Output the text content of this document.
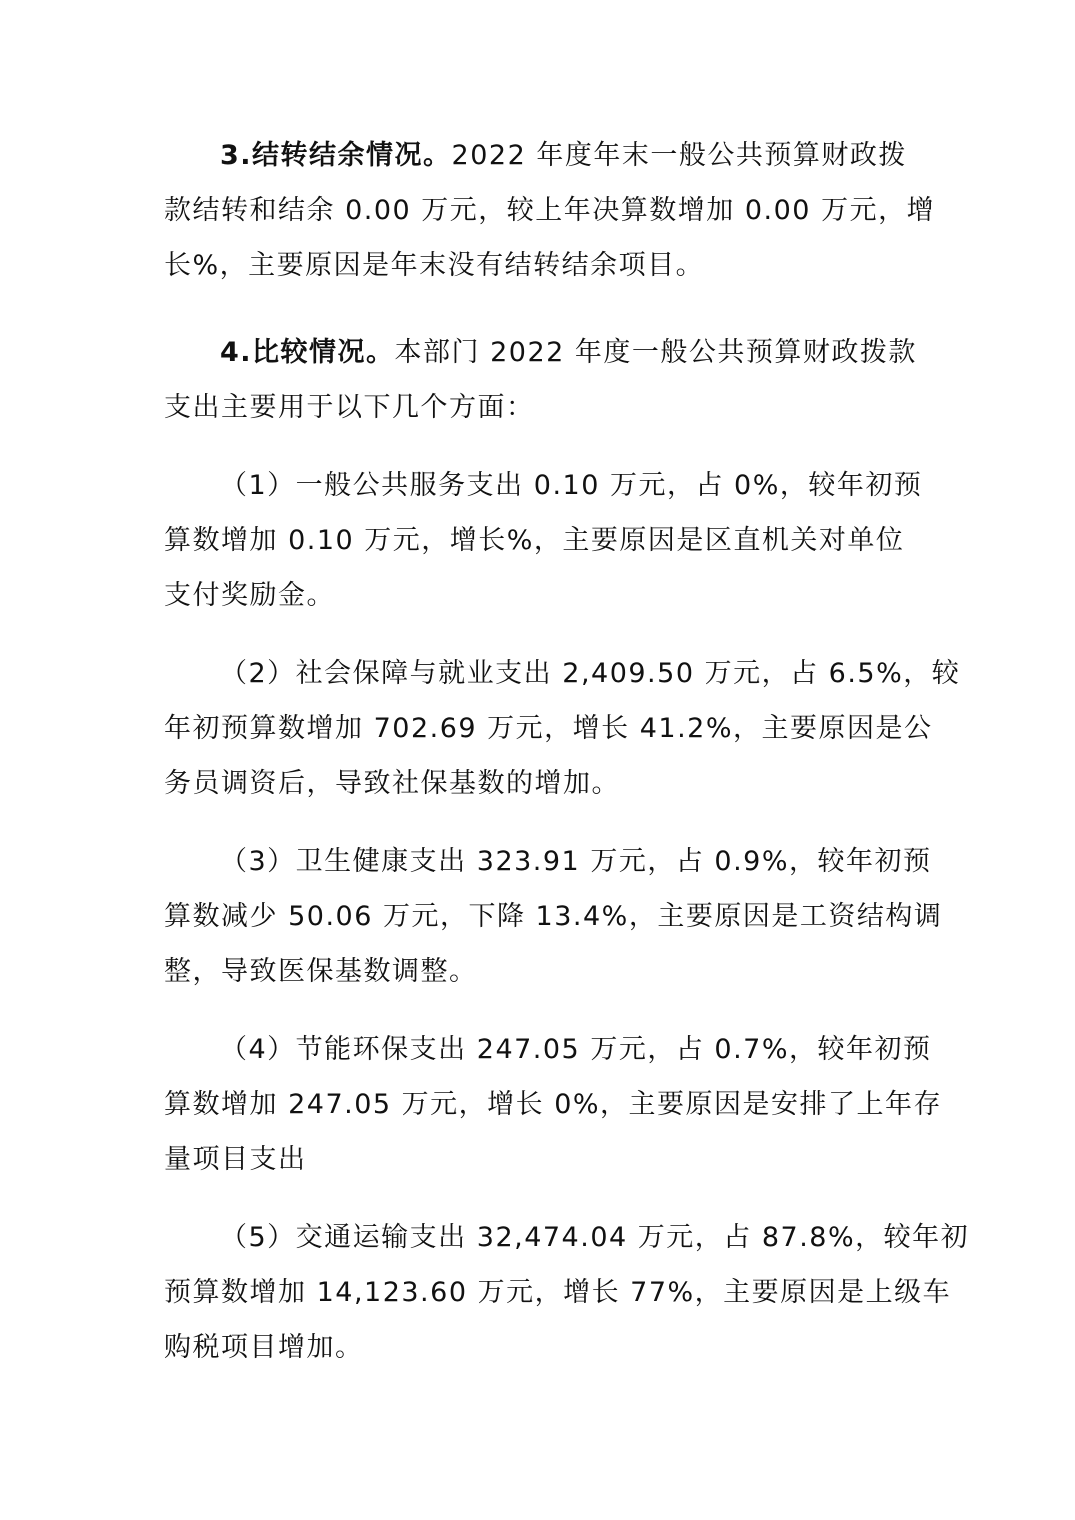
3.结转结余情况。2022 年度年末一般公共预算财政拨
款结转和结余 0.00 万元，较上年决算数增加 0.00 万元，增
长%，主要原因是年末没有结转结余项目。

4.比较情况。本部门 2022 年度一般公共预算财政拨款
支出主要用于以下几个方面：

（1）一般公共服务支出 0.10 万元，占 0%，较年初预
算数增加 0.10 万元，增长%，主要原因是区直机关对单位
支付奖励金。

（2）社会保障与就业支出 2,409.50 万元，占 6.5%，较
年初预算数增加 702.69 万元，增长 41.2%，主要原因是公
务员调资后，导致社保基数的增加。

（3）卫生健康支出 323.91 万元，占 0.9%，较年初预
算数减少 50.06 万元，下降 13.4%，主要原因是工资结构调
整，导致医保基数调整。

（4）节能环保支出 247.05 万元，占 0.7%，较年初预
算数增加 247.05 万元，增长 0%，主要原因是安排了上年存
量项目支出

（5）交通运输支出 32,474.04 万元，占 87.8%，较年初
预算数增加 14,123.60 万元，增长 77%，主要原因是上级车
购税项目增加。
